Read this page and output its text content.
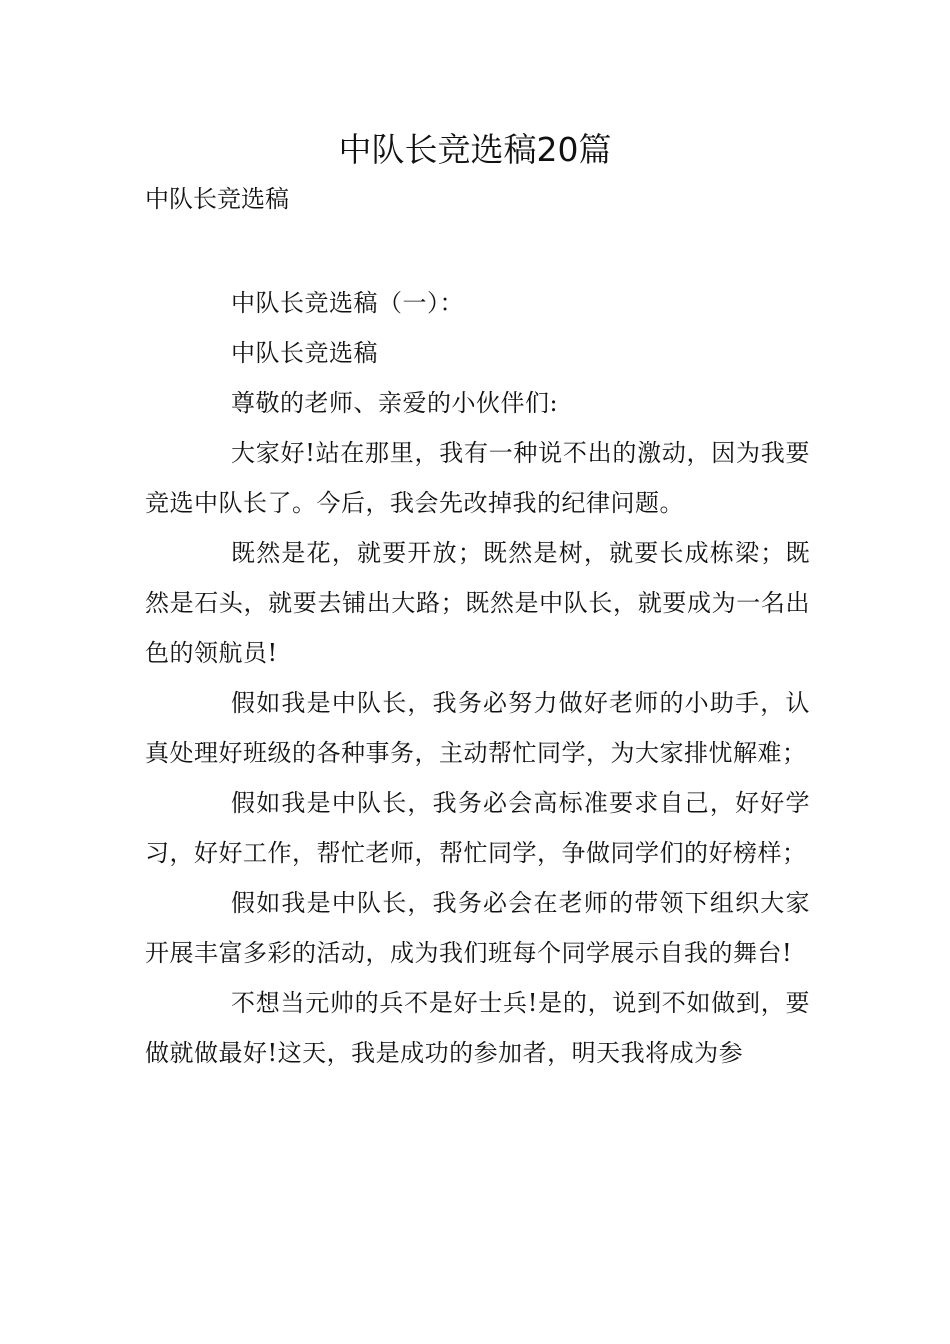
中队长竞选稿20篇
中队长竞选稿

中队长竞选稿（一）：

中队长竞选稿

尊敬的老师、亲爱的小伙伴们:

大家好!站在那里，我有一种说不出的激动，因为我要竞选中队长了。今后，我会先改掉我的纪律问题。

既然是花，就要开放；既然是树，就要长成栋梁；既然是石头，就要去铺出大路；既然是中队长，就要成为一名出色的领航员!

假如我是中队长，我务必努力做好老师的小助手，认真处理好班级的各种事务，主动帮忙同学，为大家排忧解难；

假如我是中队长，我务必会高标准要求自己，好好学习，好好工作，帮忙老师，帮忙同学，争做同学们的好榜样；

假如我是中队长，我务必会在老师的带领下组织大家开展丰富多彩的活动，成为我们班每个同学展示自我的舞台!

不想当元帅的兵不是好士兵!是的，说到不如做到，要做就做最好!这天，我是成功的参加者，明天我将成为参
